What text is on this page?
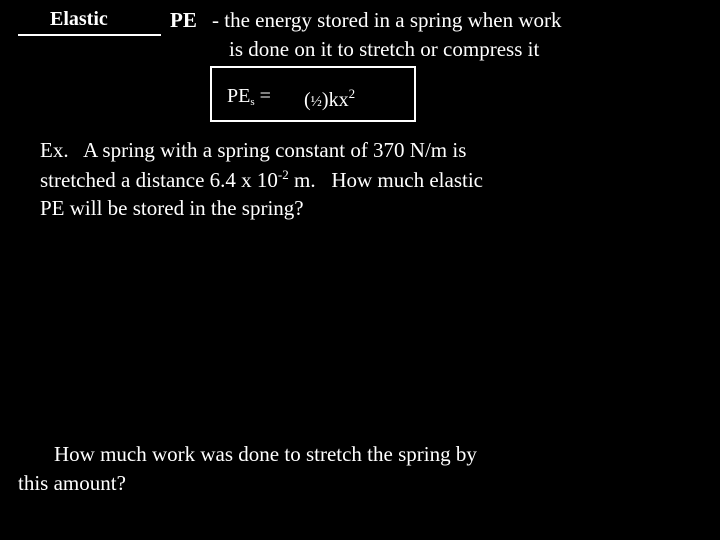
Elastic	PE - the energy stored in a spring when work
is done on it to stretch or compress it
$PE_s$ = $(\frac{1}{2})kx^2$
Ex.   A spring with a spring constant of 370 N/m is
stretched a distance 6.4 x $10^{-2}$ m.   How much elastic
PE will be stored in the spring?
How much work was done to stretch the spring by
this amount?
